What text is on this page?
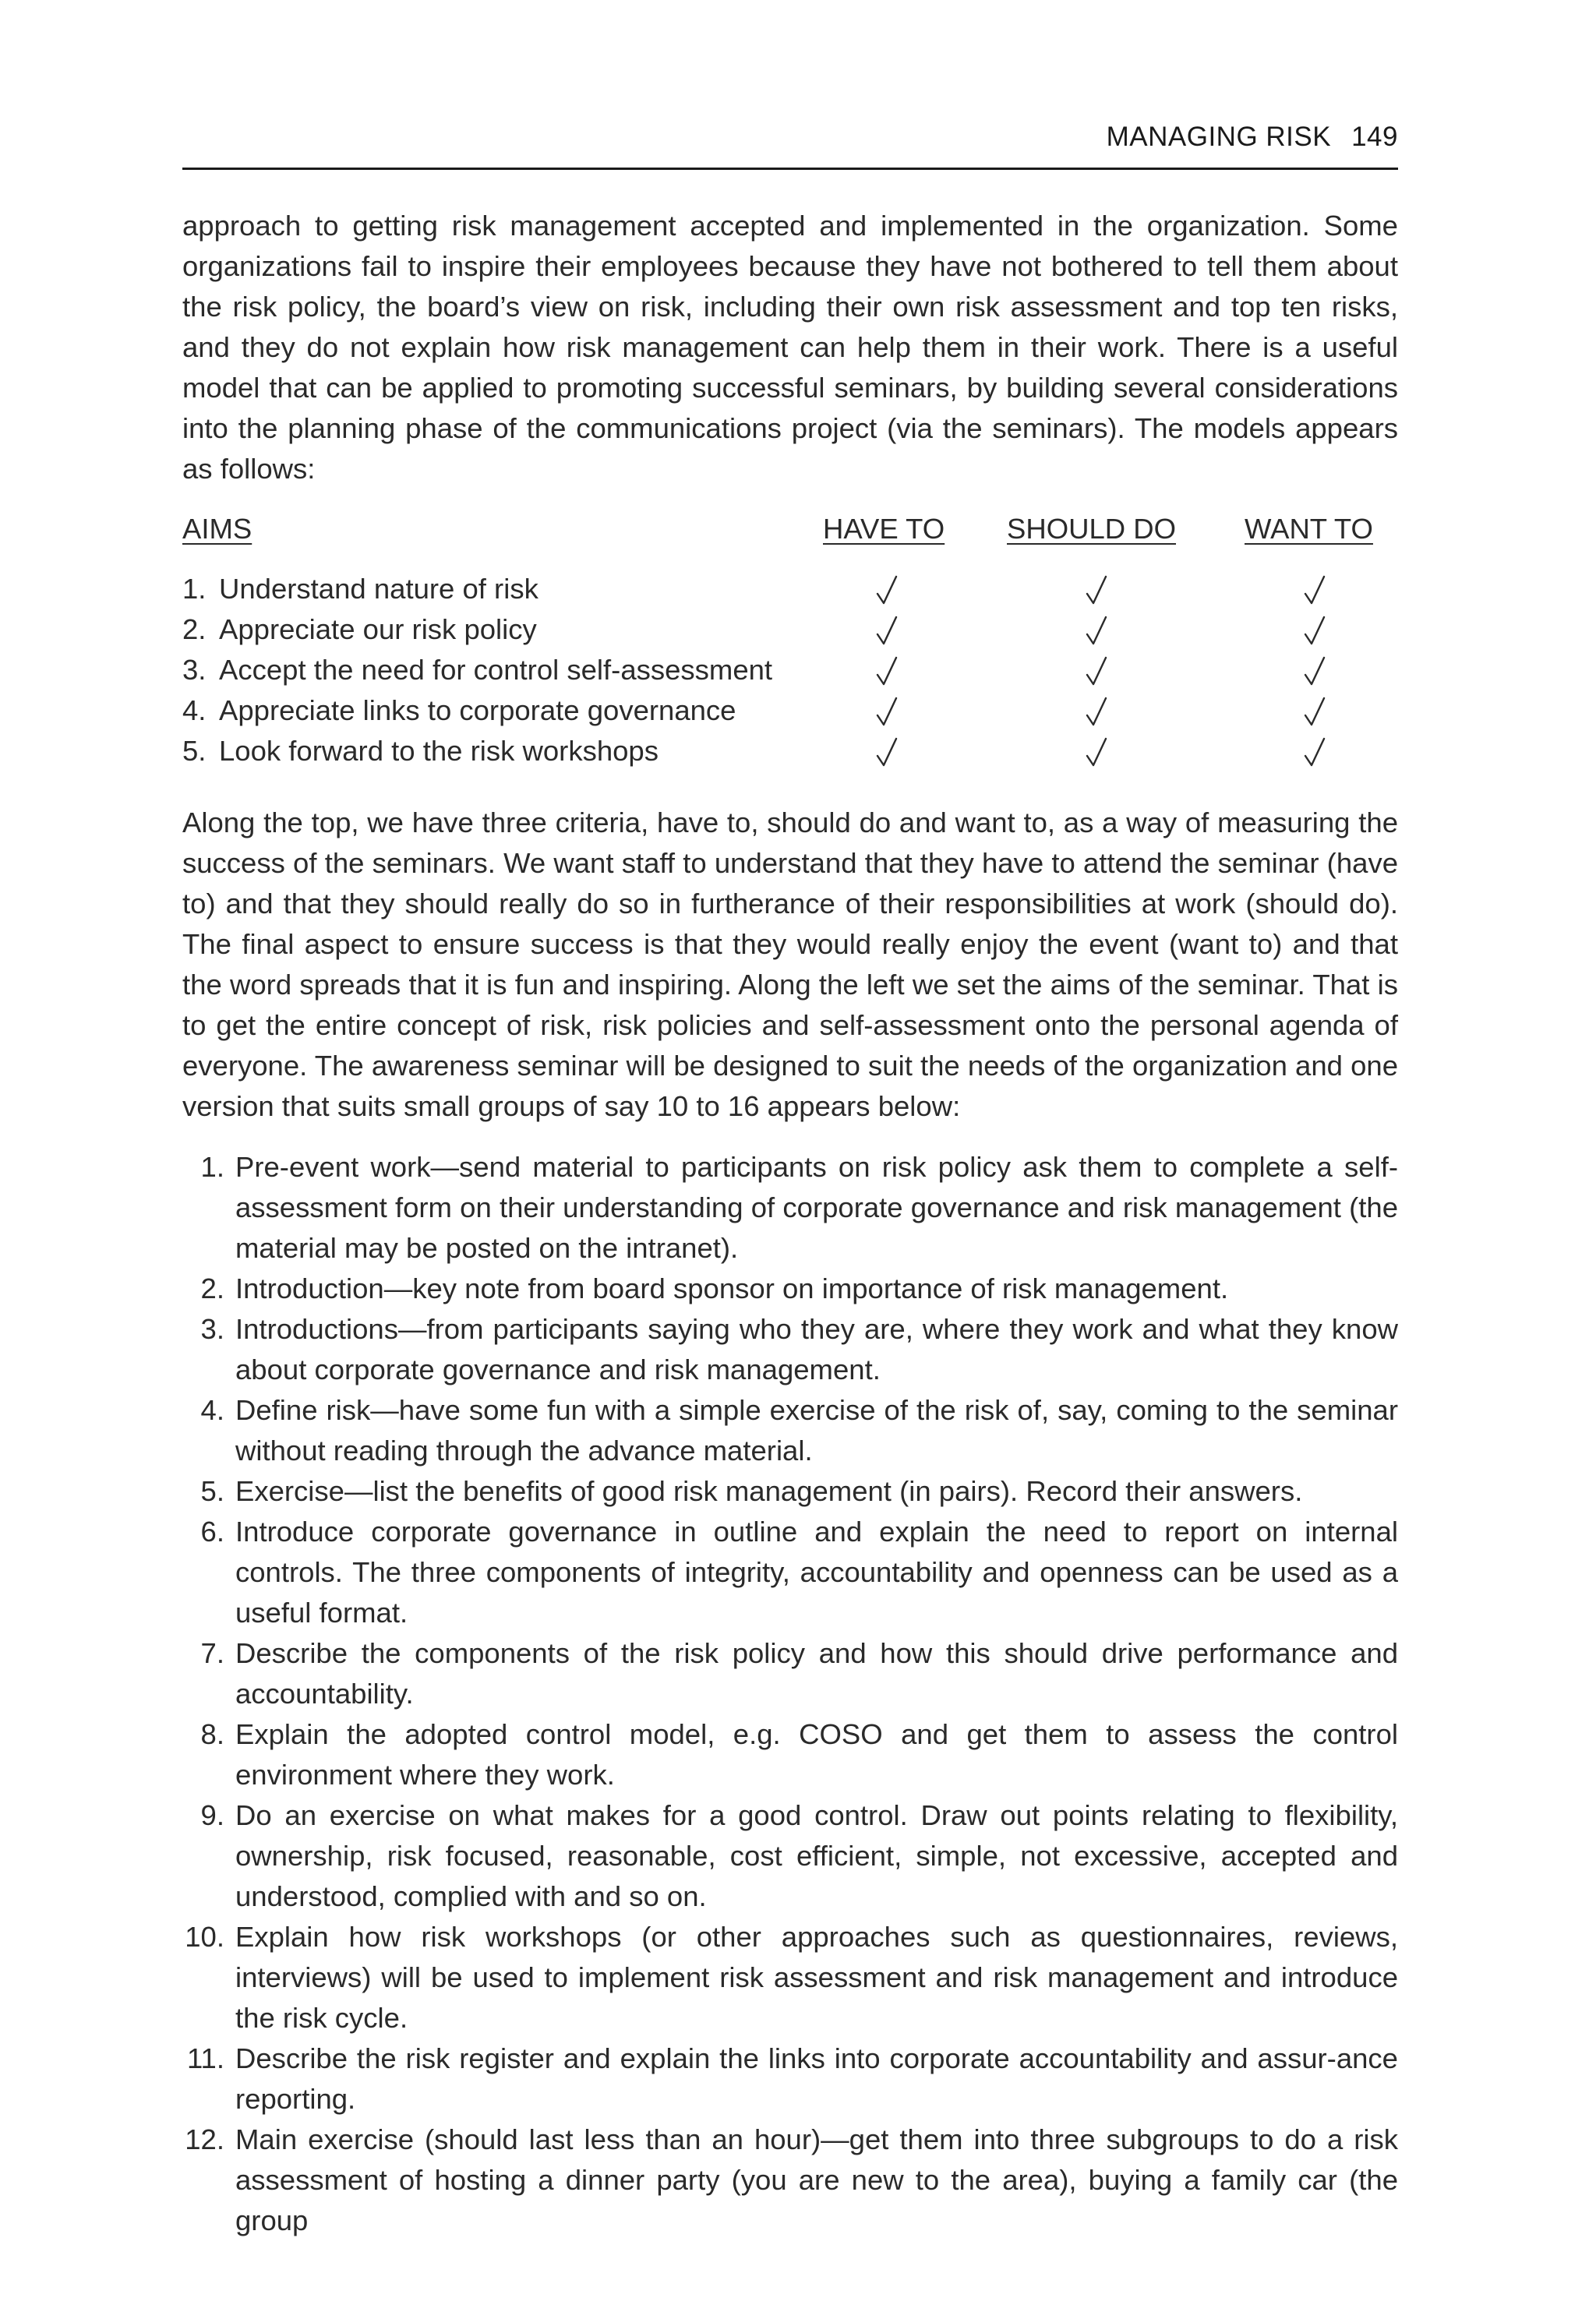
MANAGING RISK 149

approach to getting risk management accepted and implemented in the organization. Some organizations fail to inspire their employees because they have not bothered to tell them about the risk policy, the board’s view on risk, including their own risk assessment and top ten risks, and they do not explain how risk management can help them in their work. There is a useful model that can be applied to promoting successful seminars, by building several considerations into the planning phase of the communications project (via the seminars). The models appears as follows:

AIMS	HAVE TO SHOULD DO WANT TO
1. Understand nature of risk
2. Appreciate our risk policy
3. Accept the need for control self-assessment
4. Appreciate links to corporate governance
5. Look forward to the risk workshops

Along the top, we have three criteria, have to, should do and want to, as a way of measuring the success of the seminars. We want staff to understand that they have to attend the seminar (have to) and that they should really do so in furtherance of their responsibilities at work (should do). The final aspect to ensure success is that they would really enjoy the event (want to) and that the word spreads that it is fun and inspiring. Along the left we set the aims of the seminar. That is to get the entire concept of risk, risk policies and self-assessment onto the personal agenda of everyone. The awareness seminar will be designed to suit the needs of the organization and one version that suits small groups of say 10 to 16 appears below:

1. Pre-event work—send material to participants on risk policy ask them to complete a self-assessment form on their understanding of corporate governance and risk management (the material may be posted on the intranet).
2. Introduction—key note from board sponsor on importance of risk management.
3. Introductions—from participants saying who they are, where they work and what they know about corporate governance and risk management.
4. Define risk—have some fun with a simple exercise of the risk of, say, coming to the seminar without reading through the advance material.
5. Exercise—list the benefits of good risk management (in pairs). Record their answers.
6. Introduce corporate governance in outline and explain the need to report on internal controls. The three components of integrity, accountability and openness can be used as a useful format.
7. Describe the components of the risk policy and how this should drive performance and accountability.
8. Explain the adopted control model, e.g. COSO and get them to assess the control environment where they work.
9. Do an exercise on what makes for a good control. Draw out points relating to flexibility, ownership, risk focused, reasonable, cost efficient, simple, not excessive, accepted and understood, complied with and so on.
10. Explain how risk workshops (or other approaches such as questionnaires, reviews, interviews) will be used to implement risk assessment and risk management and introduce the risk cycle.
11. Describe the risk register and explain the links into corporate accountability and assur-ance reporting.
12. Main exercise (should last less than an hour)—get them into three subgroups to do a risk assessment of hosting a dinner party (you are new to the area), buying a family car (the group
